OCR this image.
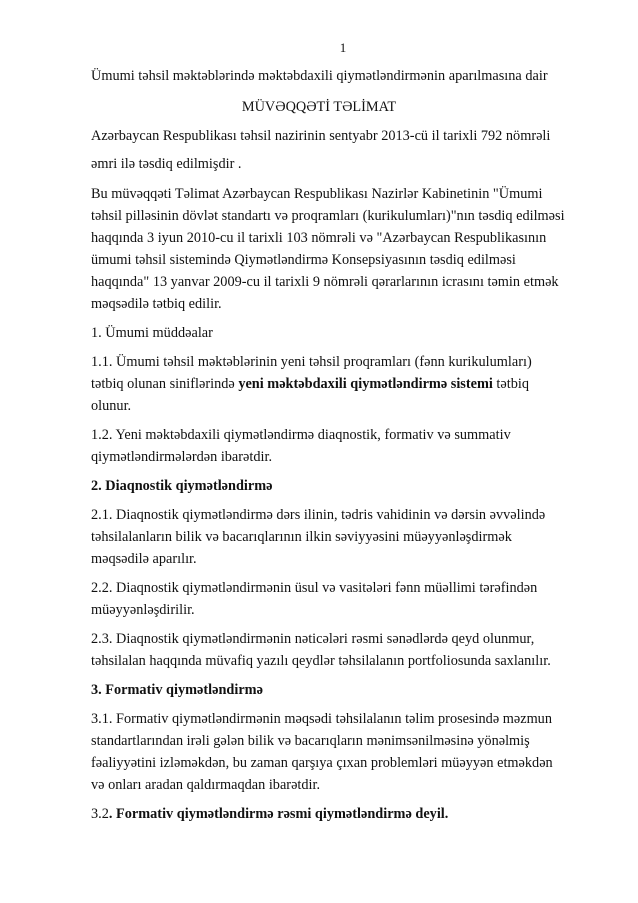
1
Ümumi təhsil məktəblərində məktəbdaxili qiymətləndirmənin aparılmasına dair
MÜVƏQQƏTİ TƏLİMAT
Azərbaycan Respublikası təhsil nazirinin sentyabr 2013-cü il tarixli 792 nömrəli
əmri ilə təsdiq edilmişdir .
Bu müvəqqəti Təlimat Azərbaycan Respublikası Nazirlər Kabinetinin "Ümumi
təhsil pilləsinin dövlət standartı və proqramları (kurikulumları)"nın təsdiq edilməsi
haqqında 3 iyun 2010-cu il tarixli 103 nömrəli və "Azərbaycan Respublikasının
ümumi təhsil sistemində Qiymətləndirmə Konsepsiyasının təsdiq edilməsi
haqqında" 13 yanvar 2009-cu il tarixli 9 nömrəli qərarlarının icrasını təmin etmək
məqsədilə tətbiq edilir.
1. Ümumi müddəalar
1.1. Ümumi təhsil məktəblərinin yeni təhsil proqramları (fənn kurikulumları)
tətbiq olunan siniflərində yeni məktəbdaxili qiymətləndirmə sistemi tətbiq
olunur.
1.2. Yeni məktəbdaxili qiymətləndirmə diaqnostik, formativ və summativ
qiymətləndirmələrdən ibarətdir.
2. Diaqnostik qiymətləndirmə
2.1. Diaqnostik qiymətləndirmə dərs ilinin, tədris vahidinin və dərsin əvvəlində
təhsilalanların bilik və bacarıqlarının ilkin səviyyəsini müəyyənləşdirmək
məqsədilə aparılır.
2.2. Diaqnostik qiymətləndirmənin üsul və vasitələri fənn müəllimi tərəfindən
müəyyənləşdirilir.
2.3. Diaqnostik qiymətləndirmənin nəticələri rəsmi sənədlərdə qeyd olunmur,
təhsilalan haqqında müvafiq yazılı qeydlər təhsilalanın portfoliosunda saxlanılır.
3. Formativ qiymətləndirmə
3.1. Formativ qiymətləndirmənin məqsədi təhsilalanın təlim prosesində məzmun
standartlarından irəli gələn bilik və bacarıqların mənimsənilməsinə yönəlmiş
fəaliyyətini izləməkdən, bu zaman qarşıya çıxan problemləri müəyyən etməkdən
və onları aradan qaldırmaqdan ibarətdir.
3.2. Formativ qiymətləndirmə rəsmi qiymətləndirmə deyil.
